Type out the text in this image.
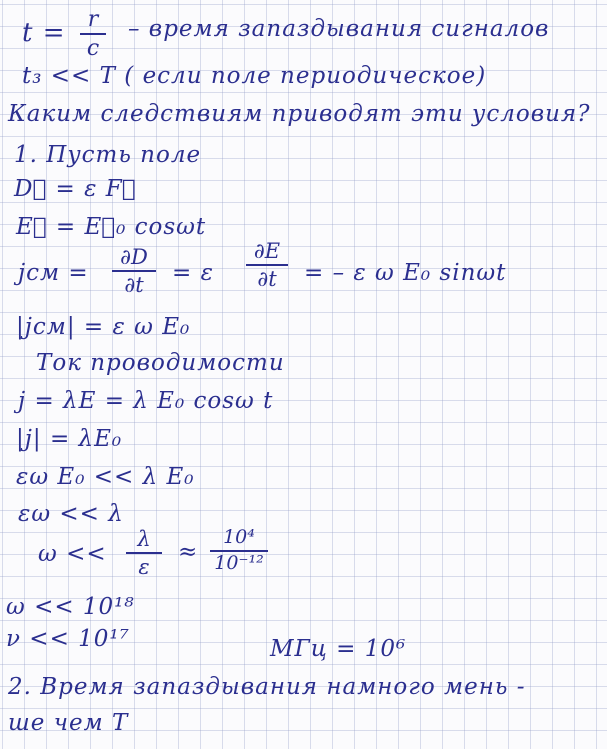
t =	r
c
– время запаздывания сигналов
t₃ << T ( если поле периодическое)
Каким следствиям приводят эти условия?
1. Пусть поле
D⃗ = ε F⃗
E⃗ = E⃗₀ cosωt
jсм =
∂D
∂t	= ε
∂E
∂t	= – ε ω E₀ sinωt
|jсм| = ε ω E₀
Ток проводимости
j = λE = λ E₀ cosω t
|j| = λE₀
εω E₀ << λ E₀
εω << λ
ω <<
λ
ε
≈
10⁴
10⁻¹²
ω << 10¹⁸
ν << 10¹⁷	МГц = 10⁶
2. Время запаздывания намного мень -
ше чем T
